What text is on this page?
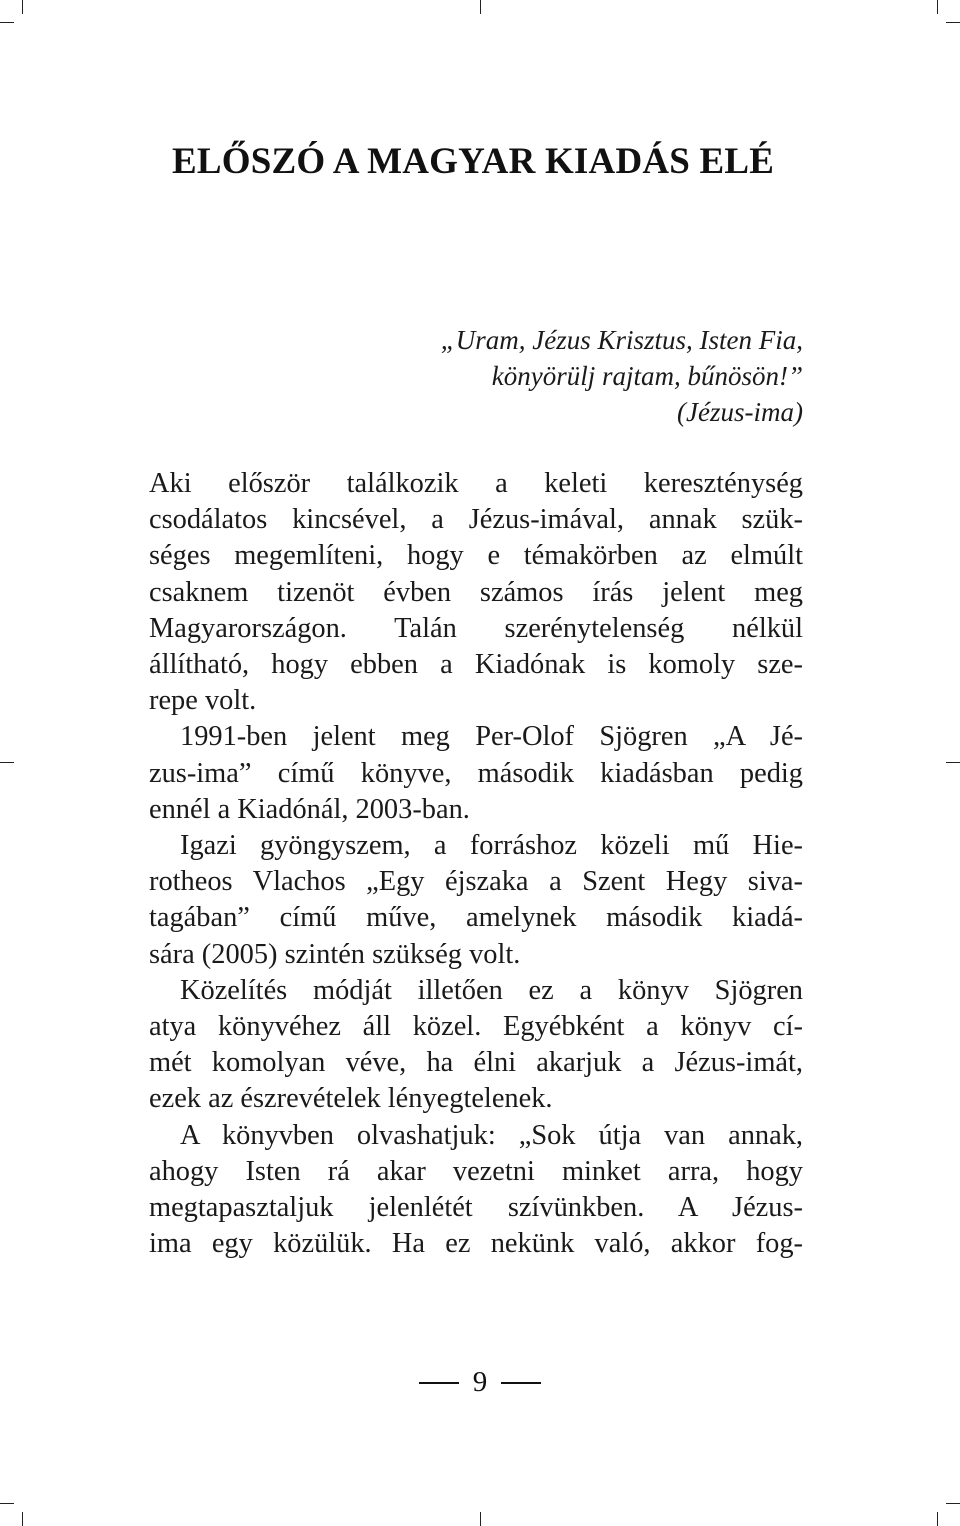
ELŐSZÓ A MAGYAR KIADÁS ELÉ
„Uram, Jézus Krisztus, Isten Fia,
könyörülj rajtam, bűnösön!”
(Jézus-ima)
Aki először találkozik a keleti kereszténység
csodálatos kincsével, a Jézus-imával, annak szük-
séges megemlíteni, hogy e témakörben az elmúlt
csaknem tizenöt évben számos írás jelent meg
Magyarországon. Talán szerénytelenség nélkül
állítható, hogy ebben a Kiadónak is komoly sze-
repe volt.
1991-ben jelent meg Per-Olof Sjögren „A Jé-
zus-ima” című könyve, második kiadásban pedig
ennél a Kiadónál, 2003-ban.
Igazi gyöngyszem, a forráshoz közeli mű Hie-
rotheos Vlachos „Egy éjszaka a Szent Hegy siva-
tagában” című műve, amelynek második kiadá-
sára (2005) szintén szükség volt.
Közelítés módját illetően ez a könyv Sjögren
atya könyvéhez áll közel. Egyébként a könyv cí-
mét komolyan véve, ha élni akarjuk a Jézus-imát,
ezek az észrevételek lényegtelenek.
A könyvben olvashatjuk: „Sok útja van annak,
ahogy Isten rá akar vezetni minket arra, hogy
megtapasztaljuk jelenlétét szívünkben. A Jézus-
ima egy közülük. Ha ez nekünk való, akkor fog-
9
